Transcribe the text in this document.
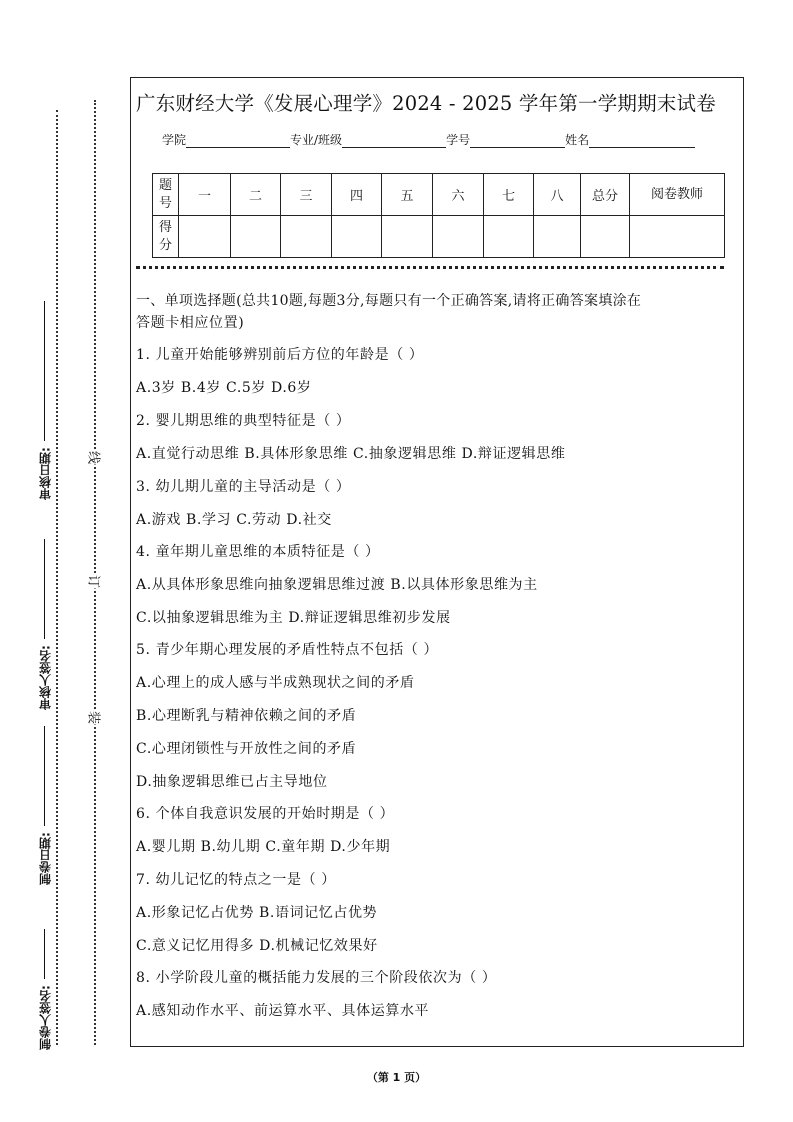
审核日期:
审核人签名:
制卷日期:
制卷人签名:
线
订
装
广东财经大学《发展心理学》2024 - 2025 学年第一学期期末试卷
学院	专业/班级	学号	姓名
题号	一	二	三	四	五	六	七	八	总分	阅卷教师
得分										
一、单项选择题(总共10题,每题3分,每题只有一个正确答案,请将正确答案填涂在
答题卡相应位置)
1. 儿童开始能够辨别前后方位的年龄是（ ）
A.3岁 B.4岁 C.5岁 D.6岁
2. 婴儿期思维的典型特征是（ ）
A.直觉行动思维 B.具体形象思维 C.抽象逻辑思维 D.辩证逻辑思维
3. 幼儿期儿童的主导活动是（ ）
A.游戏 B.学习 C.劳动 D.社交
4. 童年期儿童思维的本质特征是（ ）
A.从具体形象思维向抽象逻辑思维过渡 B.以具体形象思维为主
C.以抽象逻辑思维为主 D.辩证逻辑思维初步发展
5. 青少年期心理发展的矛盾性特点不包括（ ）
A.心理上的成人感与半成熟现状之间的矛盾
B.心理断乳与精神依赖之间的矛盾
C.心理闭锁性与开放性之间的矛盾
D.抽象逻辑思维已占主导地位
6. 个体自我意识发展的开始时期是（ ）
A.婴儿期 B.幼儿期 C.童年期 D.少年期
7. 幼儿记忆的特点之一是（ ）
A.形象记忆占优势 B.语词记忆占优势
C.意义记忆用得多 D.机械记忆效果好
8. 小学阶段儿童的概括能力发展的三个阶段依次为（ ）
A.感知动作水平、前运算水平、具体运算水平
（第 1 页）
